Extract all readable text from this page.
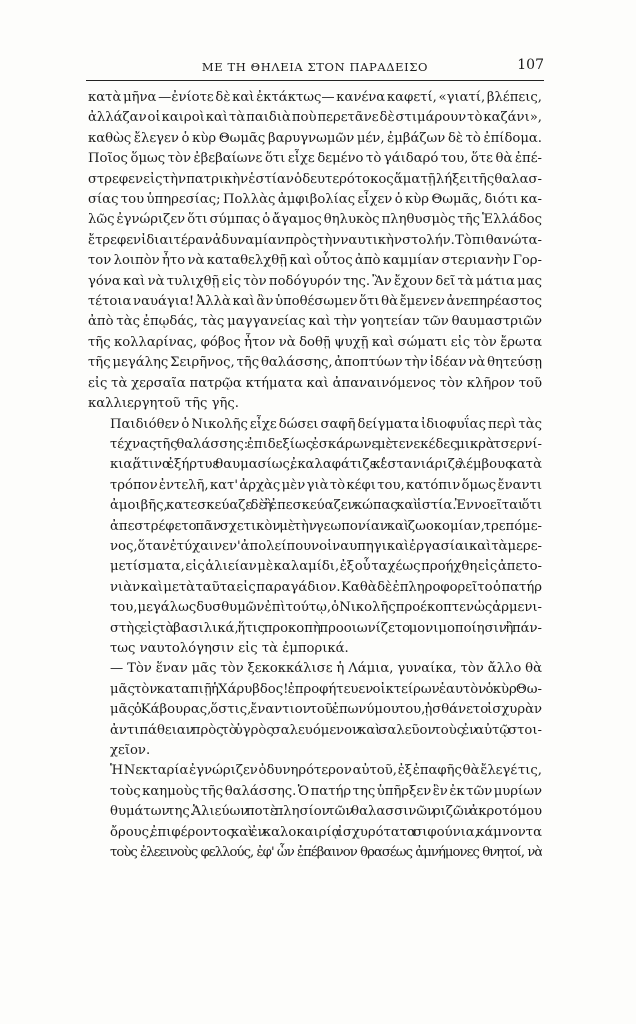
ΜΕ ΤΗ ΘΗΛΕΙΑ ΣΤΟΝ ΠΑΡΑΔΕΙΣΟ	107
κατὰ μῆνα —ἐνίοτε δὲ καὶ ἐκτάκτως— κανένα καφετί, «γιατί, βλέπεις,
ἀλλάζαν οἱ καιροὶ καὶ τὰ παιδιὰ ποὺ περετᾶνε δὲ στιμάρουν τὸ καζάνι»,
καθὼς ἔλεγεν ὁ κὺρ Θωμᾶς βαρυγνωμῶν μέν, ἐμβάζων δὲ τὸ ἐπίδομα.
Ποῖος ὅμως τὸν ἐβεβαίωνε ὅτι εἶχε δεμένο τὸ γάιδαρό του, ὅτε θὰ ἐπέ-
στρεφεν εἰς τὴν πατρικὴν ἑστίαν ὁ δευτερότοκος ἅμα τῇ λήξει τῆς θαλασ-
σίας του ὑπηρεσίας; Πολλὰς ἀμφιβολίας εἶχεν ὁ κὺρ Θωμᾶς, διότι κα-
λῶς ἐγνώριζεν ὅτι σύμπας ὁ ἄγαμος θηλυκὸς πληθυσμὸς τῆς Ἑλλάδος
ἔτρεφεν ἰδιαιτέραν ἀδυναμίαν πρὸς τὴν ναυτικὴν στολήν. Τὸ πιθανώτα-
τον λοιπὸν ἦτο νὰ καταθελχθῇ καὶ οὗτος ἀπὸ καμμίαν στεριανὴν Γορ-
γόνα καὶ νὰ τυλιχθῇ εἰς τὸν ποδόγυρόν της. Ἂν ἔχουν δεῖ τὰ μάτια μας
τέτοια ναυάγια! Ἀλλὰ καὶ ἂν ὑποθέσωμεν ὅτι θὰ ἔμενεν ἀνεπηρέαστος
ἀπὸ τὰς ἐπῳδάς, τὰς μαγγανείας καὶ τὴν γοητείαν τῶν θαυμαστριῶν
τῆς κολλαρίνας, φόβος ἦτον νὰ δοθῇ ψυχῇ καὶ σώματι εἰς τὸν ἔρωτα
τῆς μεγάλης Σειρῆνος, τῆς θαλάσσης, ἀποπτύων τὴν ἰδέαν νὰ θητεύσῃ
εἰς τὰ χερσαῖα πατρῷα κτήματα καὶ ἀπαναινόμενος τὸν κλῆρον τοῦ
καλλιεργητοῦ τῆς γῆς.
Παιδιόθεν ὁ Νικολῆς εἶχε δώσει σαφῆ δείγματα ἰδιοφυΐας περὶ τὰς
τέχνας τῆς θαλάσσης: ἐπιδεξίως ἐσκάρωνε μὲ τενεκέδες μικρὰ τσερνί-
κια, ἅτινα ἐξήρτυε θαυμασίως, ἐκαλαφάτιζε κ' ἐστανιάριζε λέμβους κατὰ
τρόπον ἐντελῆ, κατ' ἀρχὰς μὲν γιὰ τὸ κέφι του, κατόπιν ὅμως ἔναντι
ἀμοιβῆς, κατεσκεύαζε δὲ ἢ ἐπεσκεύαζεν κώπας καὶ ἱστία. Ἐννοεῖται ὅτι
ἀπεστρέφετο πᾶν σχετικὸν μὲ τὴν γεωπονίαν καὶ ζωοκομίαν, τρεπόμε-
νος, ὅταν ἐτύχαινε ν' ἀπολείπουν οἱ ναυπηγικαὶ ἐργασίαι καὶ τὰ μερε-
μετίσματα, εἰς ἁλιείαν μὲ καλαμίδι, ἐξ οὗ ταχέως προήχθη εἰς ἀπετο-
νιὰν καὶ μετὰ ταῦτα εἰς παραγάδιον. Καθὰ δὲ ἐπληροφορεῖτο ὁ πατήρ
του, μεγάλως δυσθυμῶν ἐπὶ τούτῳ, ὁ Νικολῆς προέκοπτεν ὡς ἁρμενι-
στὴς εἰς τὰ βασιλικά, ἥτις προκοπὴ προοιωνίζετο μονιμοποίησιν ἢ πάν-
τως ναυτολόγησιν εἰς τὰ ἐμπορικά.
— Τὸν ἕναν μᾶς τὸν ξεκοκκάλισε ἡ Λάμια, γυναίκα, τὸν ἄλλο θὰ
μᾶς τὸν καταπιῇ ἡ Χάρυβδος! ἐπροφήτευεν οἰκτείρων ἑαυτὸν ὁ κὺρ Θω-
μᾶς ὁ Κάβουρας, ὅστις, ἔναντιον τοῦ ἐπωνύμου του, ᾐσθάνετο ἰσχυρὰν
ἀντιπάθειαν πρὸς τὸ ὑγρὸς σαλευόμενον καὶ σαλεῦον τοὺς ἐν αὐτῷ στοι-
χεῖον.
Ἡ Νεκταρία ἐγνώριζεν ὀδυνηρότερον αὐτοῦ, ἐξ ἐπαφῆς θὰ ἔλεγέ τις,
τοὺς καημοὺς τῆς θαλάσσης. Ὁ πατήρ της ὑπῆρξεν ἓν ἐκ τῶν μυρίων
θυμάτων της. Ἁλιεύων ποτὲ πλησίον τῶν θαλασσινῶν ριζῶν ἀκροτόμου
ὄρους, ἐπιφέροντος καὶ ἐν καλοκαιρίᾳ ἰσχυρότατα σιφούνια, κάμνοντα
τοὺς ἐλεεινοὺς φελλούς, ἐφ' ὧν ἐπέβαινον θρασέως ἀμνήμονες θνητοί, νὰ
